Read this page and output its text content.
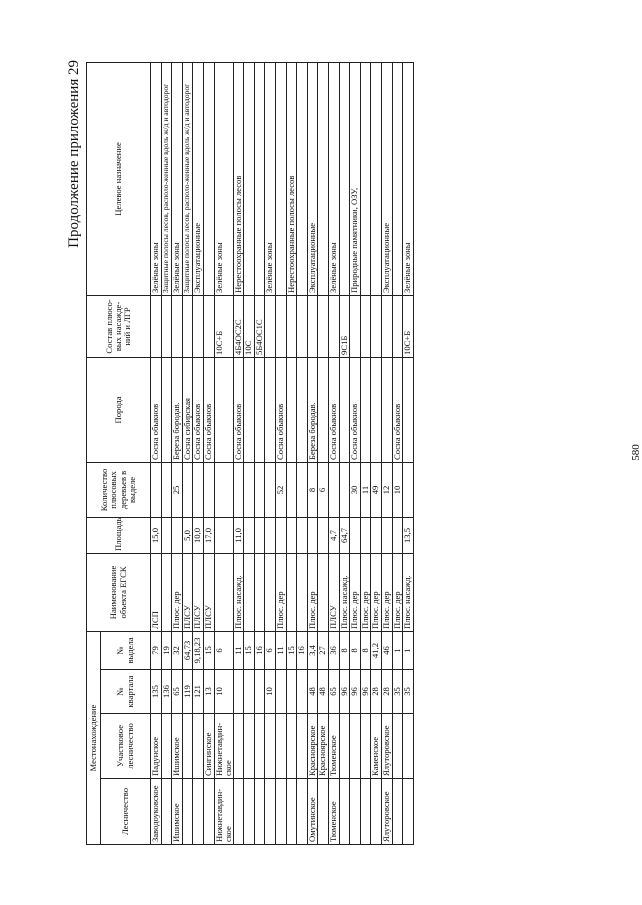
Продолжение приложения 29
580
Местонахождение				Наименование объекта ЕГСК	Площадь	Количество плюсовых деревьев в выделе	Порода	Состав плюсо-вых насажде-ний и ЛГР	Целевое назначение
Лесничество	Участковое лесничество	№ квартала	№ выдела						
Заводоуковское	Падунское	135	79	ЛСП	15,0		Сосна обыкнов		Зелёные зоны
		136	19						Защитные полосы лесов, располо-женные вдоль ж/д и автодорог
Ишимское	Ишимское	65	32	Плюс. дер		25	Береза бородав.		Зелёные зоны
		119	64,73	ПЛСУ	5,0		Сосна сибирская		Защитные полосы лесов, располо-женные вдоль ж/д и автодорог
		121	9,18,23	ПЛСУ	10,0		Сосна обыкнов		Эксплуатационные
	Сингинское	13	15	ПЛСУ	17,0		Сосна обыкнов		
Нижнетавдин-ское	Нижнетавдин-ское	10	6					10С+Б	Зелёные зоны
			11	Плюс. насажд.	11,0		Сосна обыкнов	4Б4ОС2С	Нерестоохранные полосы лесов
			15					10С	
			16					5Б4ОС1С	
		10	6						Зелёные зоны
			11	Плюс. дер		52	Сосна обыкнов		
			15						Нерестоохранные полосы лесов
			16						
Омутинское	Красноярское	48	3,4	Плюс. дер		8	Береза бородав.		Эксплуатационные
	Красноярское	48	27			6			
Тюменское	Тюменское	65	36	ПЛСУ	4,7		Сосна обыкнов		Зелёные зоны
		96	8	Плюс. насажд.	64,7			9С1Б	
		96	8	Плюс. дер		30	Сосна обыкнов		Природные памятники, ОЗУ,
		96	8	Плюс. дер		11			
	Каменское	28	41,2	Плюс. дер		49			
Ялуторовское	Ялуторовское	28	46	Плюс. дер		12			Эксплуатационные
		35	1	Плюс. дер		10	Сосна обыкнов		
		35	1	Плюс. насажд.	13,5			10С+Б	Зелёные зоны
